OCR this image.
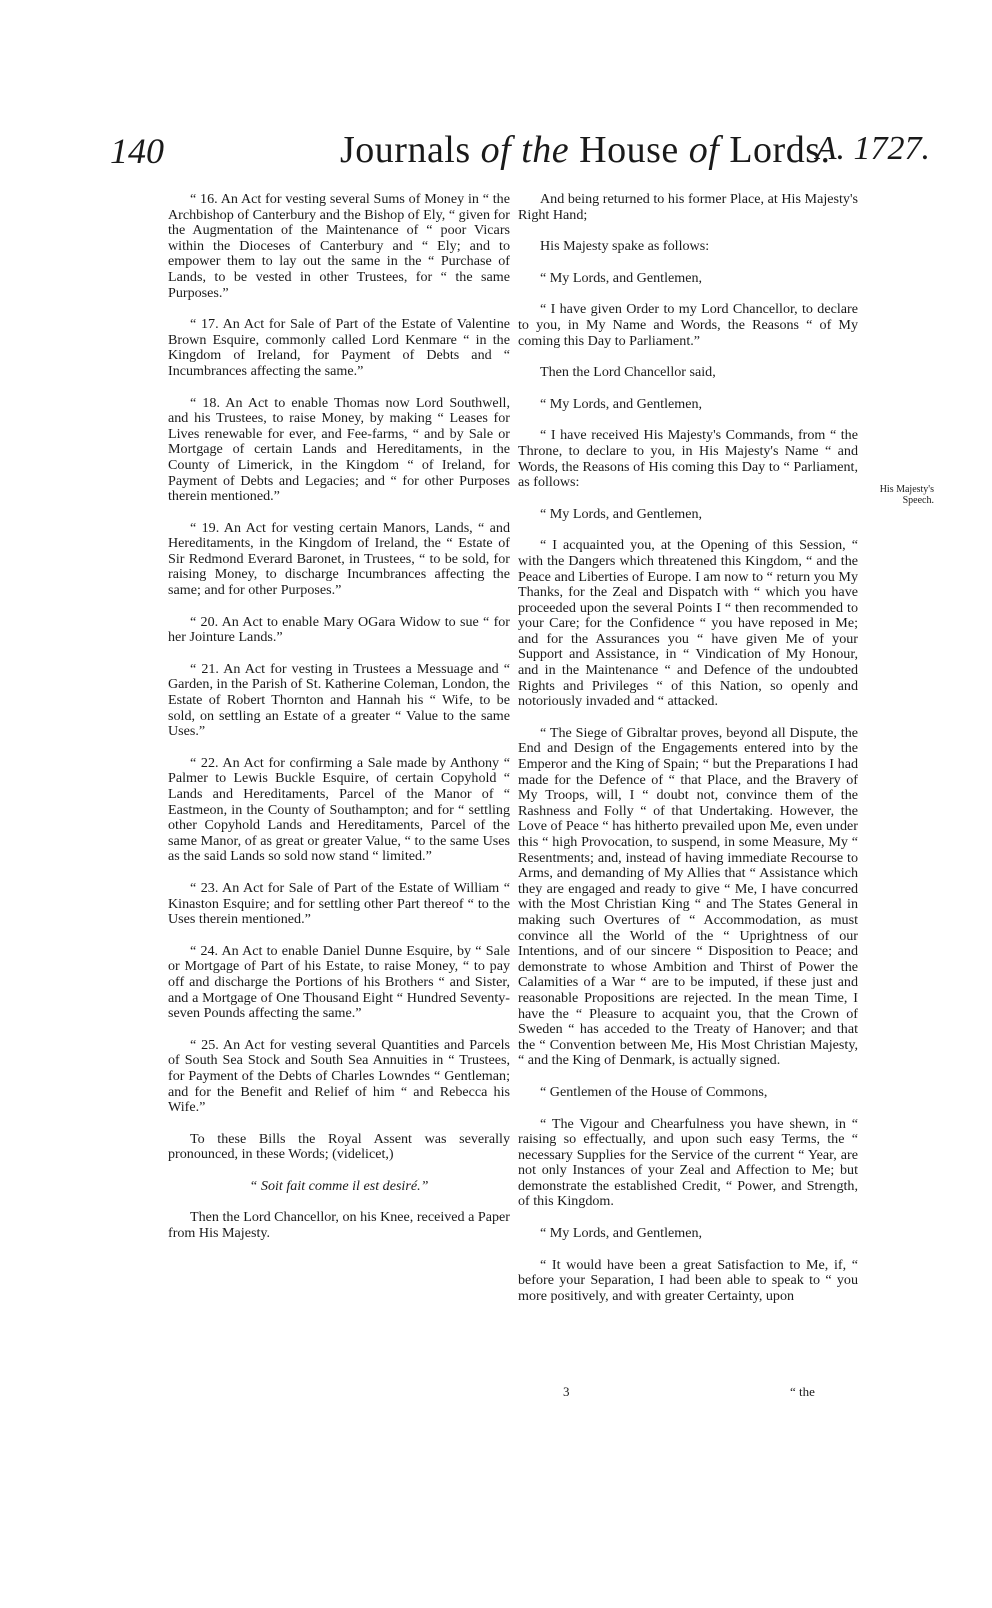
140	Journals of the House of Lords.
A. 1727.

“ 16. An Act for vesting several Sums of Money in “ the Archbishop of Canterbury and the Bishop of Ely, “ given for the Augmentation of the Maintenance of “ poor Vicars within the Dioceses of Canterbury and “ Ely; and to empower them to lay out the same in the “ Purchase of Lands, to be vested in other Trustees, for “ the same Purposes.”

“ 17. An Act for Sale of Part of the Estate of Valentine Brown Esquire, commonly called Lord Kenmare “ in the Kingdom of Ireland, for Payment of Debts and “ Incumbrances affecting the same.”

“ 18. An Act to enable Thomas now Lord Southwell, and his Trustees, to raise Money, by making “ Leases for Lives renewable for ever, and Fee-farms, “ and by Sale or Mortgage of certain Lands and Hereditaments, in the County of Limerick, in the Kingdom “ of Ireland, for Payment of Debts and Legacies; and “ for other Purposes therein mentioned.”

“ 19. An Act for vesting certain Manors, Lands, “ and Hereditaments, in the Kingdom of Ireland, the “ Estate of Sir Redmond Everard Baronet, in Trustees, “ to be sold, for raising Money, to discharge Incumbrances affecting the same; and for other Purposes.”

“ 20. An Act to enable Mary OGara Widow to sue “ for her Jointure Lands.”

“ 21. An Act for vesting in Trustees a Messuage and “ Garden, in the Parish of St. Katherine Coleman, London, the Estate of Robert Thornton and Hannah his “ Wife, to be sold, on settling an Estate of a greater “ Value to the same Uses.”

“ 22. An Act for confirming a Sale made by Anthony “ Palmer to Lewis Buckle Esquire, of certain Copyhold “ Lands and Hereditaments, Parcel of the Manor of “ Eastmeon, in the County of Southampton; and for “ settling other Copyhold Lands and Hereditaments, Parcel of the same Manor, of as great or greater Value, “ to the same Uses as the said Lands so sold now stand “ limited.”

“ 23. An Act for Sale of Part of the Estate of William “ Kinaston Esquire; and for settling other Part thereof “ to the Uses therein mentioned.”

“ 24. An Act to enable Daniel Dunne Esquire, by “ Sale or Mortgage of Part of his Estate, to raise Money, “ to pay off and discharge the Portions of his Brothers “ and Sister, and a Mortgage of One Thousand Eight “ Hundred Seventy-seven Pounds affecting the same.”

“ 25. An Act for vesting several Quantities and Parcels of South Sea Stock and South Sea Annuities in “ Trustees, for Payment of the Debts of Charles Lowndes “ Gentleman; and for the Benefit and Relief of him “ and Rebecca his Wife.”

To these Bills the Royal Assent was severally pronounced, in these Words; (videlicet,)

“ Soit fait comme il est desiré.”

Then the Lord Chancellor, on his Knee, received a Paper from His Majesty.

And being returned to his former Place, at His Majesty's Right Hand;

His Majesty spake as follows:

“ My Lords, and Gentlemen,

“ I have given Order to my Lord Chancellor, to declare to you, in My Name and Words, the Reasons “ of My coming this Day to Parliament.”

Then the Lord Chancellor said,

“ My Lords, and Gentlemen,

“ I have received His Majesty's Commands, from “ the Throne, to declare to you, in His Majesty's Name “ and Words, the Reasons of His coming this Day to “ Parliament, as follows:

“ My Lords, and Gentlemen,

“ I acquainted you, at the Opening of this Session, “ with the Dangers which threatened this Kingdom, “ and the Peace and Liberties of Europe. I am now to “ return you My Thanks, for the Zeal and Dispatch with “ which you have proceeded upon the several Points I “ then recommended to your Care; for the Confidence “ you have reposed in Me; and for the Assurances you “ have given Me of your Support and Assistance, in “ Vindication of My Honour, and in the Maintenance “ and Defence of the undoubted Rights and Privileges “ of this Nation, so openly and notoriously invaded and “ attacked.

“ The Siege of Gibraltar proves, beyond all Dispute, the End and Design of the Engagements entered into by the Emperor and the King of Spain; “ but the Preparations I had made for the Defence of “ that Place, and the Bravery of My Troops, will, I “ doubt not, convince them of the Rashness and Folly “ of that Undertaking. However, the Love of Peace “ has hitherto prevailed upon Me, even under this “ high Provocation, to suspend, in some Measure, My “ Resentments; and, instead of having immediate Recourse to Arms, and demanding of My Allies that “ Assistance which they are engaged and ready to give “ Me, I have concurred with the Most Christian King “ and The States General in making such Overtures of “ Accommodation, as must convince all the World of the “ Uprightness of our Intentions, and of our sincere “ Disposition to Peace; and demonstrate to whose Ambition and Thirst of Power the Calamities of a War “ are to be imputed, if these just and reasonable Propositions are rejected. In the mean Time, I have the “ Pleasure to acquaint you, that the Crown of Sweden “ has acceded to the Treaty of Hanover; and that the “ Convention between Me, His Most Christian Majesty, “ and the King of Denmark, is actually signed.

“ Gentlemen of the House of Commons,

“ The Vigour and Chearfulness you have shewn, in “ raising so effectually, and upon such easy Terms, the “ necessary Supplies for the Service of the current “ Year, are not only Instances of your Zeal and Affection to Me; but demonstrate the established Credit, “ Power, and Strength, of this Kingdom.

“ My Lords, and Gentlemen,

“ It would have been a great Satisfaction to Me, if, “ before your Separation, I had been able to speak to “ you more positively, and with greater Certainty, upon

His Majesty's Speech.
3	“ the
